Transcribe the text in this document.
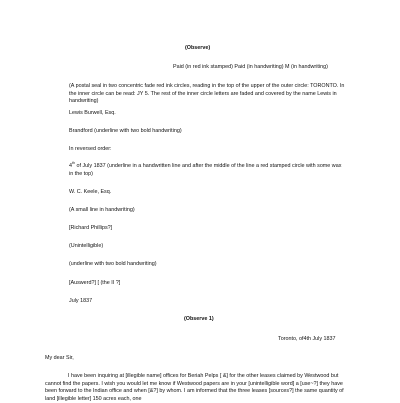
(Observe)
Paid (in red ink stamped) Paid (in handwriting) M (in handwriting)
(A postal seal in two concentric fade red ink circles, reading in the top of the upper of the outer circle: TORONTO. In the inner circle can be read: JY 5. The rest of the inner circle letters are faded and covered by the name Lewis in handwriting)
Lewis Burwell, Esq.
Brandford (underline with two bold handwriting)
In reversed order:
4th of July 1837 (underline in a handwritten line and after the middle of the line a red stamped circle with some wax in the top)
W. C. Keele, Esq.
(A small line in handwriting)
[Richard Phillips?]
(Unintelligible)
(underline with two bold handwriting)
[Auswerd?] [ (the II ?]
July 1837
(Observe 1)
Toronto, of4th July 1837
My dear Sir,
I have been inquiring at [illegible name] offices for Beriah Pelps [ &] for the other leases claimed by Westwood but cannot find the papers. I wish you would let me know if Westwood papers are in your [unintelligible word] a [use~?] they have been forward to the Indian office and when [&?] by whom. I am informed that the three leases [sources?] the same quantity of land [illegible letter] 150 acres each, one
